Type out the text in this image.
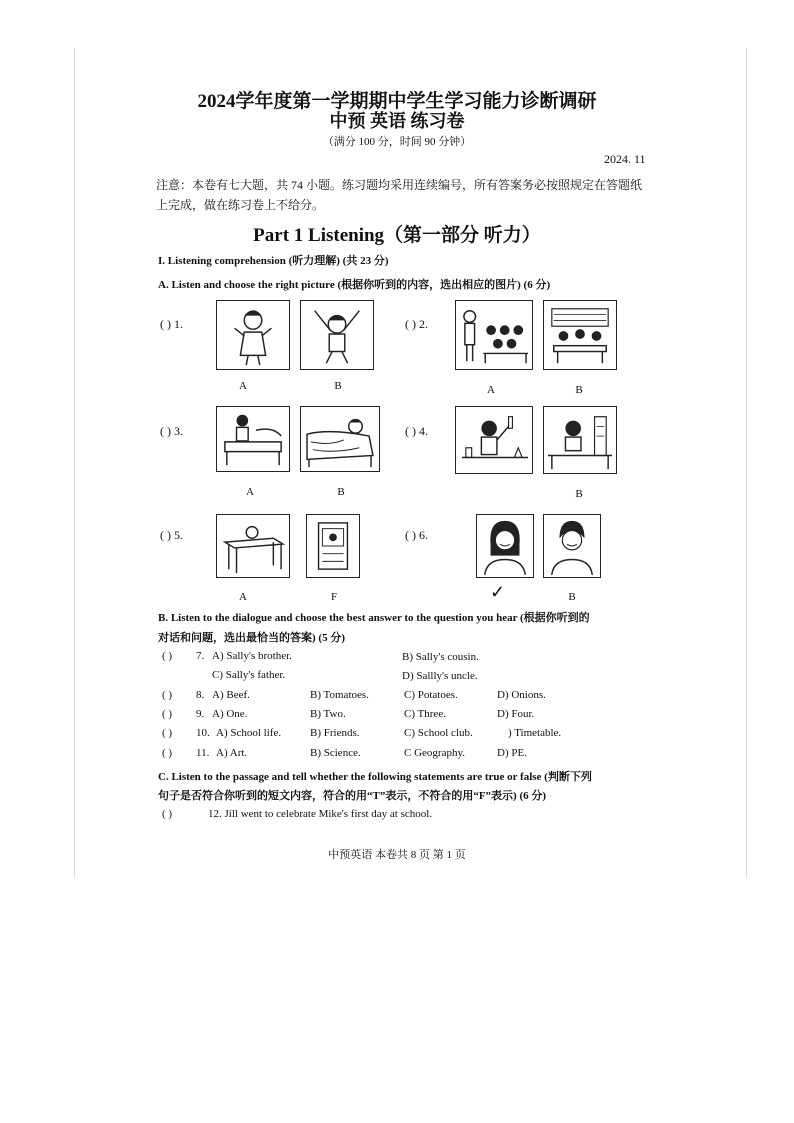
2024学年度第一学期期中学生学习能力诊断调研
中预 英语 练习卷
（满分 100 分，时间 90 分钟）
2024. 11
注意：本卷有七大题，共 74 小题。练习题均采用连续编号，所有答案务必按照规定在答题纸上完成，做在练习卷上不给分。
Part 1 Listening（第一部分 听力）
I. Listening comprehension (听力理解) (共 23 分)
A. Listen and choose the right picture (根据你听到的内容，选出相应的图片) (6 分)
( ) 1.
A	B
( ) 2.
A	B
( ) 3.
A	B
( ) 4.
B
( ) 5.
A	F
( ) 6.
B
✓
B. Listen to the dialogue and choose the best answer to the question you hear (根据你听到的
对话和问题，选出最恰当的答案) (5 分)
( ) 7. A) Sally's brother.	B) Sally's cousin.
C) Sally's father.	D) Sallly's uncle.
( ) 8. A) Beef.	B) Tomatoes.	C) Potatoes.	D) Onions.
( ) 9. A) One.	B) Two.	C) Three.	D) Four.
( ) 10. A) School life.	B) Friends.	C) School club.	) Timetable.
( ) 11. A) Art.	B) Science.	C Geography.	D) PE.
C. Listen to the passage and tell whether the following statements are true or false (判断下列
句子是否符合你听到的短文内容，符合的用“T”表示，不符合的用“F”表示) (6 分)
( )	12. Jill went to celebrate Mike's first day at school.
中预英语 本卷共 8 页 第 1 页
